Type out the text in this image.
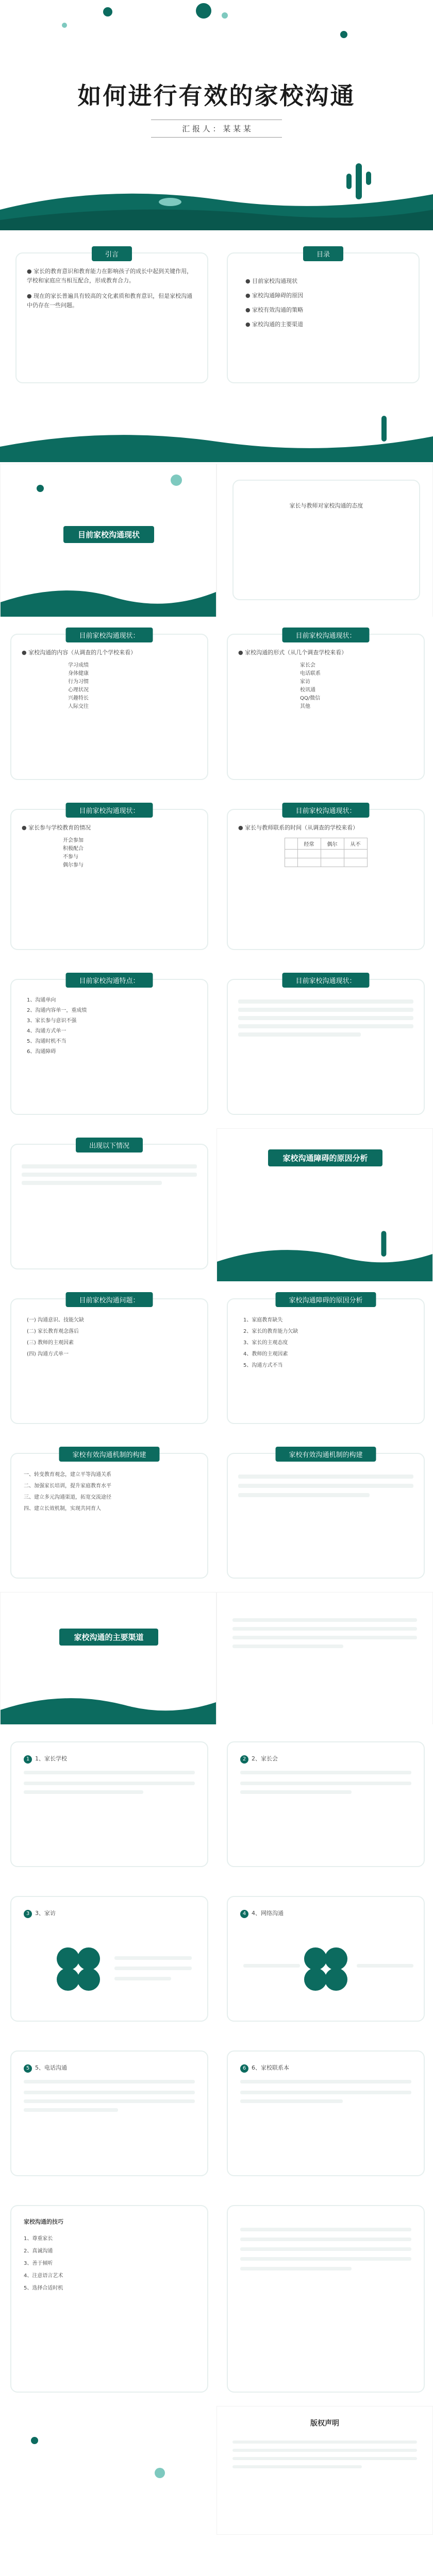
如何进行有效的家校沟通
汇 报 人 ： 某 某 某
引言
● 家长的教育意识和教育能力在影响孩子的成长中起到关键作用，学校和家庭应当相互配合，形成教育合力。
● 现在的家长普遍具有较高的文化素质和教育意识，但是家校沟通中仍存在一些问题。
目录
● 目前家校沟通现状
● 家校沟通障碍的原因
● 家校有效沟通的策略
● 家校沟通的主要渠道
目前家校沟通现状
家长与教师对家校沟通的态度
目前家校沟通现状：
● 家校沟通的内容（从调查的几个学校来看）
学习成绩
身体健康
行为习惯
心理状况
兴趣特长
人际交往
目前家校沟通现状：
● 家校沟通的形式（从几个调查学校来看）
家长会
电话联系
家访
校讯通
QQ/微信
其他
目前家校沟通现状：
● 家长参与学校教育的情况
开会参加
积极配合
不参与
偶尔参与
目前家校沟通现状：
● 家长与教师联系的时间（从调查的学校来看）
	经常	偶尔	从不

目前家校沟通特点：
1、沟通单向
2、沟通内容单一，重成绩
3、家长参与意识不强
4、沟通方式单一
5、沟通时机不当
6、沟通障碍
目前家校沟通现状：
出现以下情况
家校沟通障碍的原因分析
目前家校沟通问题：
(一) 沟通意识、技能欠缺
(二) 家长教育观念落后
(三) 教师的主观因素
(四) 沟通方式单一
家校沟通障碍的原因分析
1、家庭教育缺失
2、家长的教育能力欠缺
3、家长的主观态度
4、教师的主观因素
5、沟通方式不当
家校有效沟通机制的构建
一、转变教育观念，建立平等沟通关系
二、加强家长培训，提升家庭教育水平
三、建立多元沟通渠道，拓宽交流途径
四、建立长效机制，实现共同育人
家校有效沟通机制的构建
家校沟通的主要渠道
1 1、家长学校	2 2、家长会
3 3、家访	4 4、网络沟通
5 5、电话沟通	6 6、家校联系本
家校沟通的技巧
1、尊重家长
2、真诚沟通
3、善于倾听
4、注意语言艺术
5、选择合适时机
版权声明
